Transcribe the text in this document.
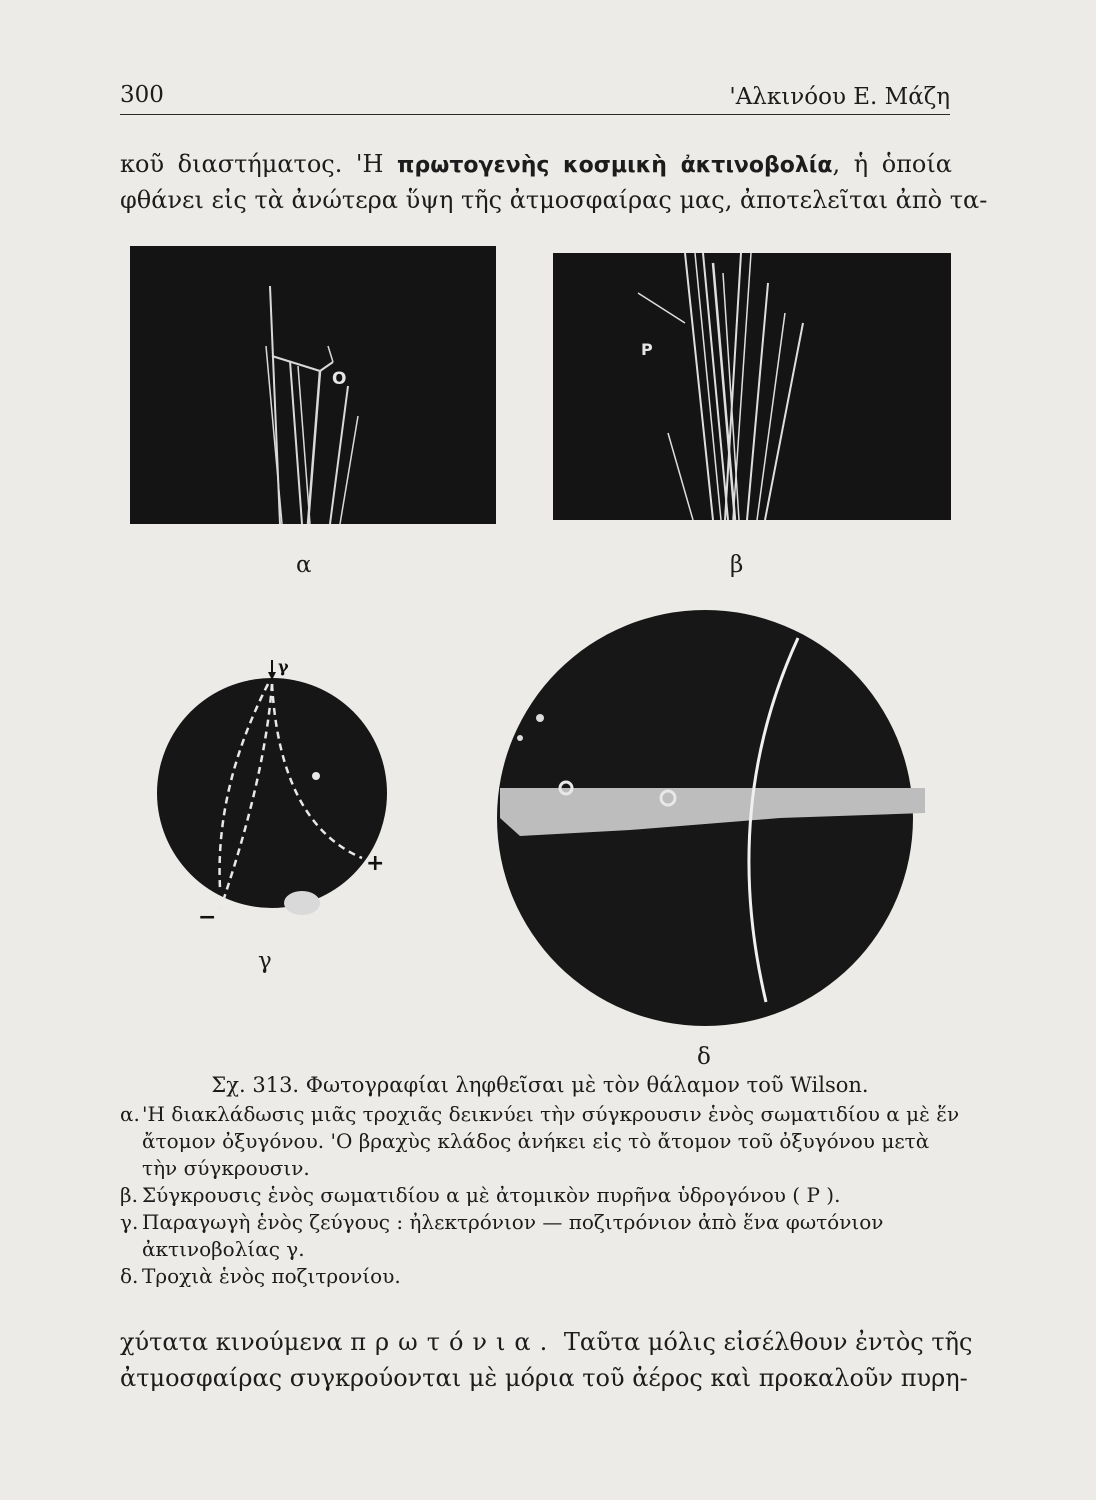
300	'Αλκινόου Ε. Μάζη
κοῦ διαστήματος. 'Η πρωτογενὴς κοσμικὴ ἀκτινοβολία, ἡ ὁποία
φθάνει εἰς τὰ ἀνώτερα ὕψη τῆς ἀτμοσφαίρας μας, ἀποτελεῖται ἀπὸ τα-
O
α
P
β
γ
+
−
γ
δ
Σχ. 313. Φωτογραφίαι ληφθεῖσαι μὲ τὸν θάλαμον τοῦ Wilson.
α. 'Η διακλάδωσις μιᾶς τροχιᾶς δεικνύει τὴν σύγκρουσιν ἑνὸς σωματιδίου α μὲ ἕν ἄτομον ὀξυγόνου. 'Ο βραχὺς κλάδος ἀνήκει εἰς τὸ ἄτομον τοῦ ὀξυγόνου μετὰ τὴν σύγκρουσιν.
β. Σύγκρουσις ἑνὸς σωματιδίου α μὲ ἀτομικὸν πυρῆνα ὑδρογόνου ( P ).
γ. Παραγωγὴ ἑνὸς ζεύγους : ἠλεκτρόνιον — ποζιτρόνιον ἀπὸ ἕνα φωτόνιον ἀκτινοβολίας γ.
δ. Τροχιὰ ἑνὸς ποζιτρονίου.
χύτατα κινούμενα πρωτόνια. Ταῦτα μόλις εἰσέλθουν ἐντὸς τῆς
ἀτμοσφαίρας συγκρούονται μὲ μόρια τοῦ ἀέρος καὶ προκαλοῦν πυρη-
